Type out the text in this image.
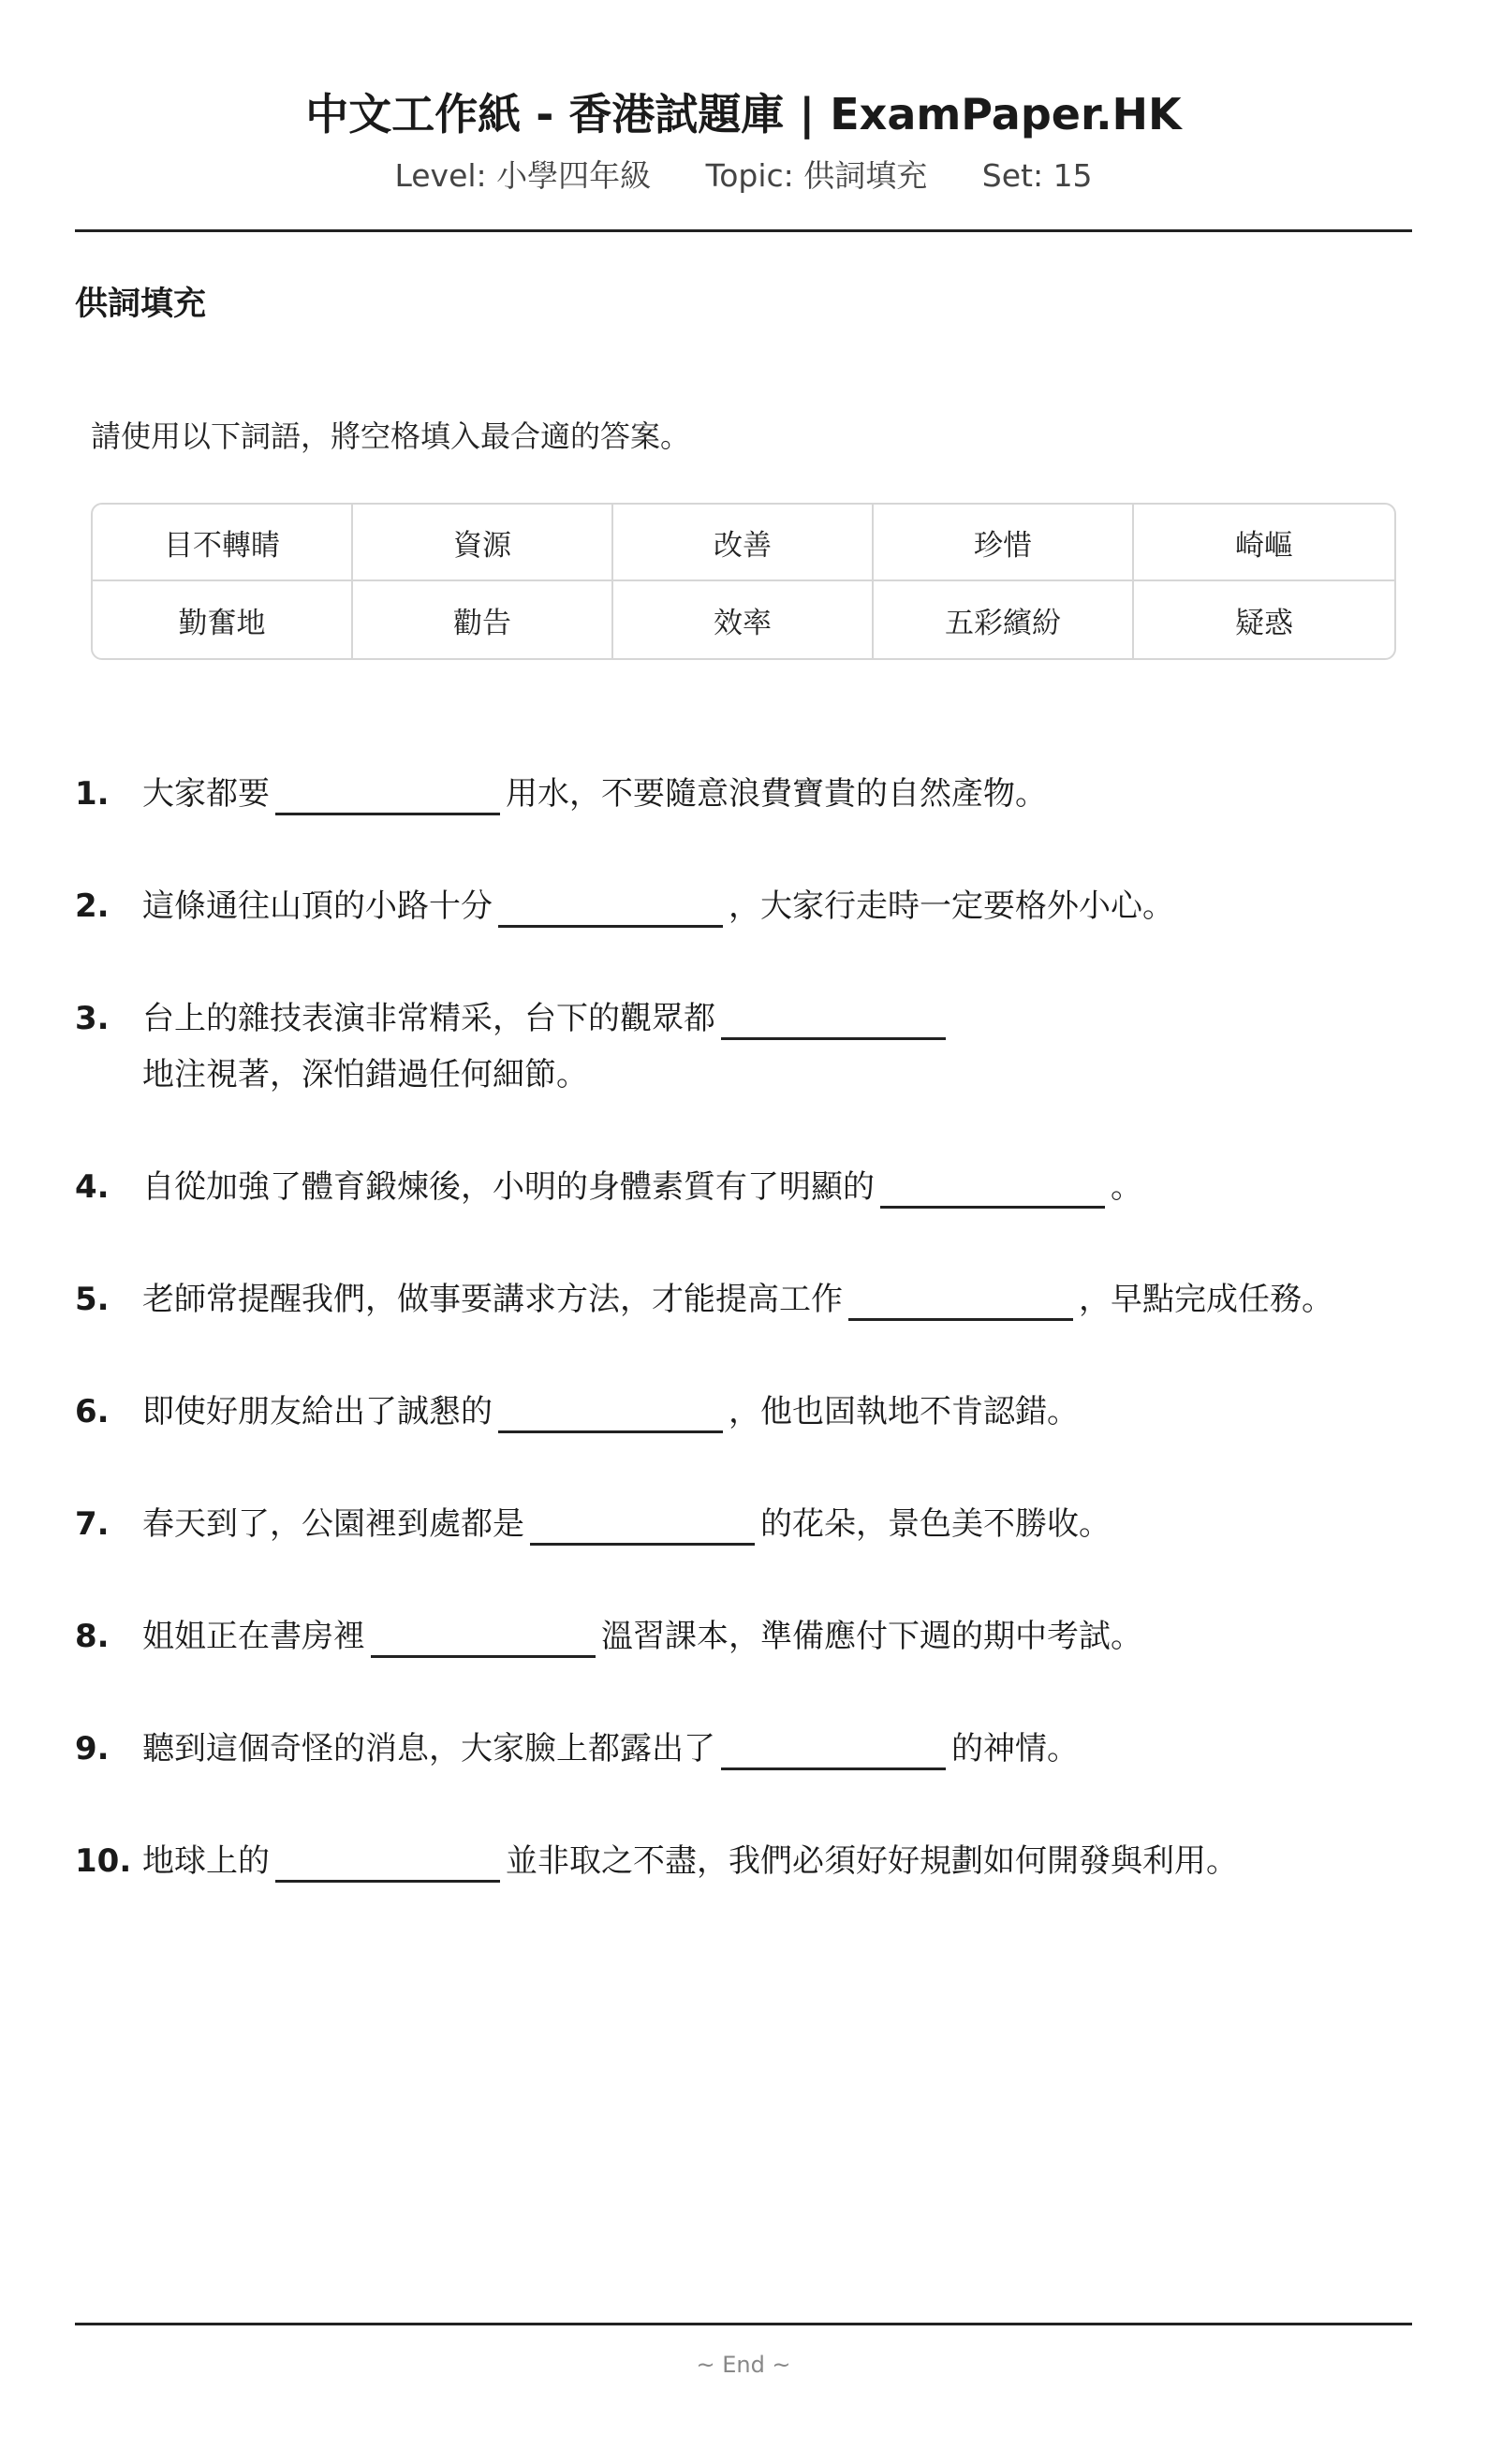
中文工作紙 - 香港試題庫 | ExamPaper.HK
Level: 小學四年級 Topic: 供詞填充 Set: 15
供詞填充
請使用以下詞語，將空格填入最合適的答案。
目不轉睛	資源	改善	珍惜	崎嶇
勤奮地	勸告	效率	五彩繽紛	疑惑
1.	大家都要	用水，不要隨意浪費寶貴的自然產物。
2.	這條通往山頂的小路十分	，大家行走時一定要格外小心。
3.	台上的雜技表演非常精采，台下的觀眾都
地注視著，深怕錯過任何細節。
4.	自從加強了體育鍛煉後，小明的身體素質有了明顯的	。
5.	老師常提醒我們，做事要講求方法，才能提高工作	，早點完成任務。
6.	即使好朋友給出了誠懇的	，他也固執地不肯認錯。
7.	春天到了，公園裡到處都是	的花朵，景色美不勝收。
8.	姐姐正在書房裡	溫習課本，準備應付下週的期中考試。
9.	聽到這個奇怪的消息，大家臉上都露出了	的神情。
10. 地球上的	並非取之不盡，我們必須好好規劃如何開發與利用。
~ End ~
